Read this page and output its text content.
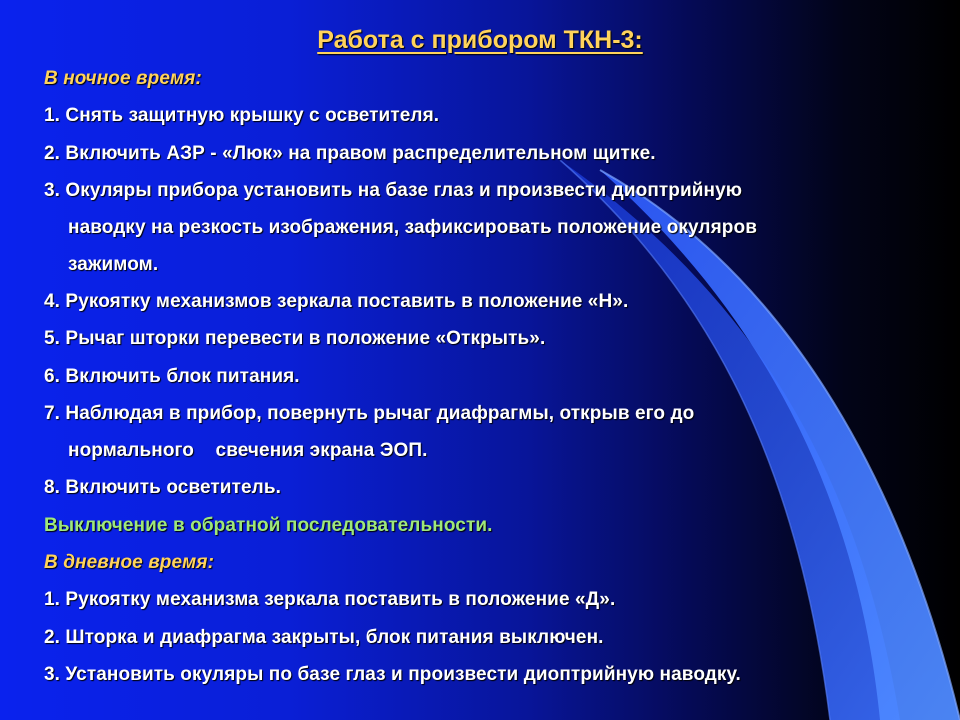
Работа с прибором ТКН-3:
В ночное время:
1. Снять защитную крышку с осветителя.
2. Включить АЗР - «Люк» на правом распределительном щитке.
3. Окуляры прибора установить на базе глаз и произвести диоптрийную
наводку на резкость изображения, зафиксировать положение окуляров
зажимом.
4. Рукоятку механизмов зеркала поставить в положение «Н».
5. Рычаг шторки перевести в положение «Открыть».
6. Включить блок питания.
7. Наблюдая в прибор, повернуть рычаг диафрагмы, открыв его до
нормального    свечения экрана ЭОП.
8. Включить осветитель.
Выключение в обратной последовательности.
В дневное время:
1. Рукоятку механизма зеркала поставить в положение «Д».
2. Шторка и диафрагма закрыты, блок питания выключен.
3. Установить окуляры по базе глаз и произвести диоптрийную наводку.
